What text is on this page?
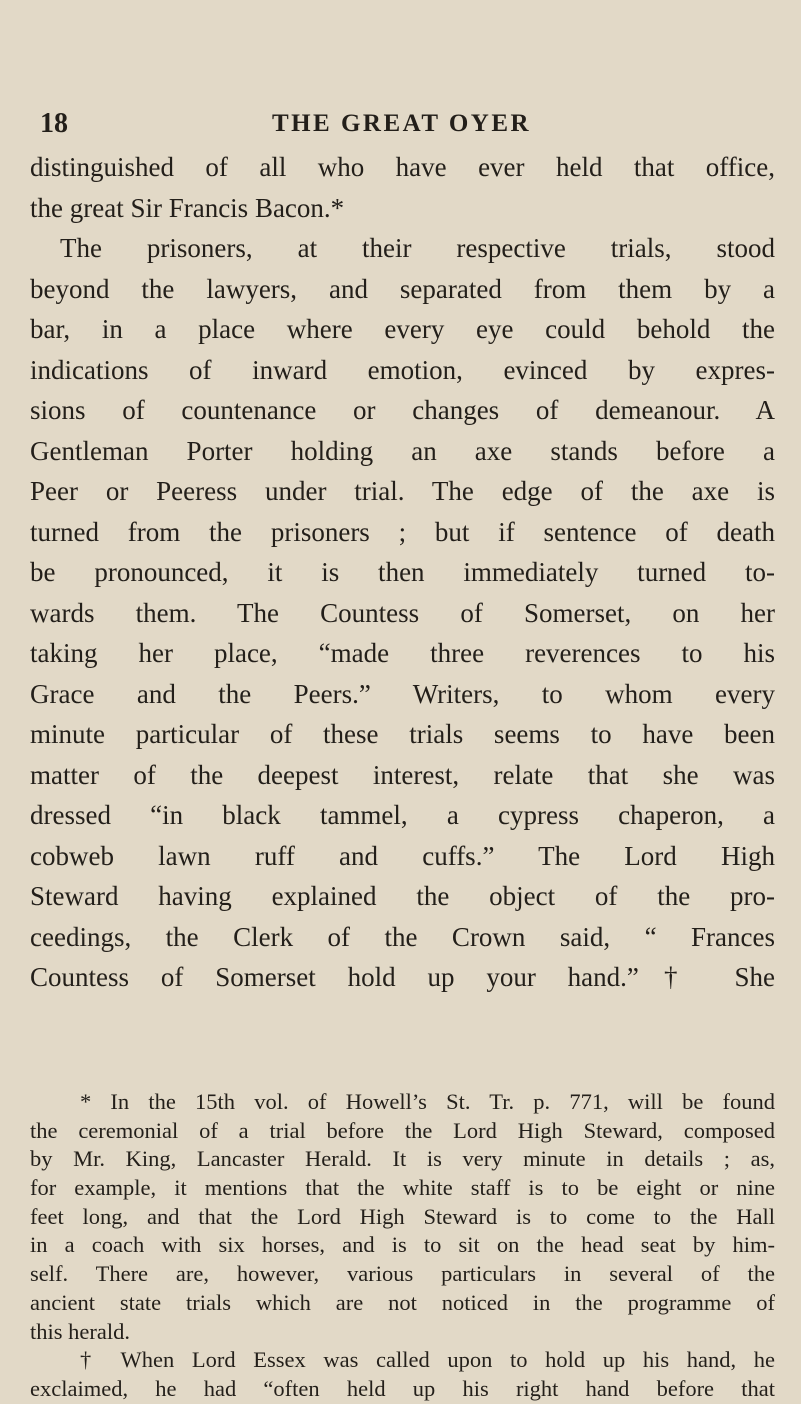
18	THE GREAT OYER
distinguished of all who have ever held that office,
the great Sir Francis Bacon.*
The prisoners, at their respective trials, stood
beyond the lawyers, and separated from them by a
bar, in a place where every eye could behold the
indications of inward emotion, evinced by expres-
sions of countenance or changes of demeanour. A
Gentleman Porter holding an axe stands before a
Peer or Peeress under trial. The edge of the axe is
turned from the prisoners ; but if sentence of death
be pronounced, it is then immediately turned to-
wards them. The Countess of Somerset, on her
taking her place, “made three reverences to his
Grace and the Peers.” Writers, to whom every
minute particular of these trials seems to have been
matter of the deepest interest, relate that she was
dressed “in black tammel, a cypress chaperon, a
cobweb lawn ruff and cuffs.” The Lord High
Steward having explained the object of the pro-
ceedings, the Clerk of the Crown said, “ Frances
Countess of Somerset hold up your hand.”† She
* In the 15th vol. of Howell’s St. Tr. p. 771, will be found
the ceremonial of a trial before the Lord High Steward, composed
by Mr. King, Lancaster Herald. It is very minute in details ; as,
for example, it mentions that the white staff is to be eight or nine
feet long, and that the Lord High Steward is to come to the Hall
in a coach with six horses, and is to sit on the head seat by him-
self. There are, however, various particulars in several of the
ancient state trials which are not noticed in the programme of
this herald.
† When Lord Essex was called upon to hold up his hand, he
exclaimed, he had “often held up his right hand before that
